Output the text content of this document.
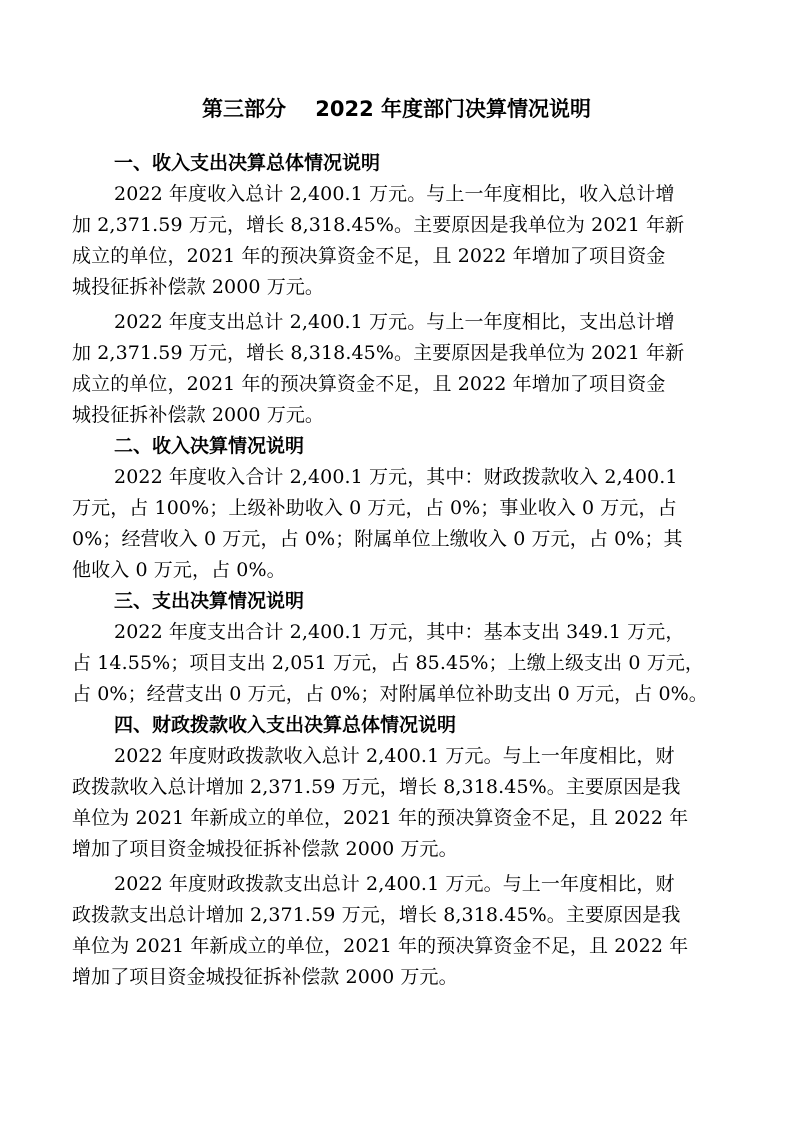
第三部分    2022 年度部门决算情况说明
一、收入支出决算总体情况说明

2022 年度收入总计 2,400.1 万元。与上一年度相比，收入总计增
加 2,371.59 万元，增长 8,318.45%。主要原因是我单位为 2021 年新
成立的单位，2021 年的预决算资金不足，且 2022 年增加了项目资金
城投征拆补偿款 2000 万元。

2022 年度支出总计 2,400.1 万元。与上一年度相比，支出总计增
加 2,371.59 万元，增长 8,318.45%。主要原因是我单位为 2021 年新
成立的单位，2021 年的预决算资金不足，且 2022 年增加了项目资金
城投征拆补偿款 2000 万元。

二、收入决算情况说明

2022 年度收入合计 2,400.1 万元，其中：财政拨款收入 2,400.1
万元，占 100%；上级补助收入 0 万元，占 0%；事业收入 0 万元，占
0%；经营收入 0 万元，占 0%；附属单位上缴收入 0 万元，占 0%；其
他收入 0 万元，占 0%。

三、支出决算情况说明

2022 年度支出合计 2,400.1 万元，其中：基本支出 349.1 万元，
占 14.55%；项目支出 2,051 万元，占 85.45%；上缴上级支出 0 万元，
占 0%；经营支出 0 万元，占 0%；对附属单位补助支出 0 万元，占 0%。

四、财政拨款收入支出决算总体情况说明

2022 年度财政拨款收入总计 2,400.1 万元。与上一年度相比，财
政拨款收入总计增加 2,371.59 万元，增长 8,318.45%。主要原因是我
单位为 2021 年新成立的单位，2021 年的预决算资金不足，且 2022 年
增加了项目资金城投征拆补偿款 2000 万元。

2022 年度财政拨款支出总计 2,400.1 万元。与上一年度相比，财
政拨款支出总计增加 2,371.59 万元，增长 8,318.45%。主要原因是我
单位为 2021 年新成立的单位，2021 年的预决算资金不足，且 2022 年
增加了项目资金城投征拆补偿款 2000 万元。
